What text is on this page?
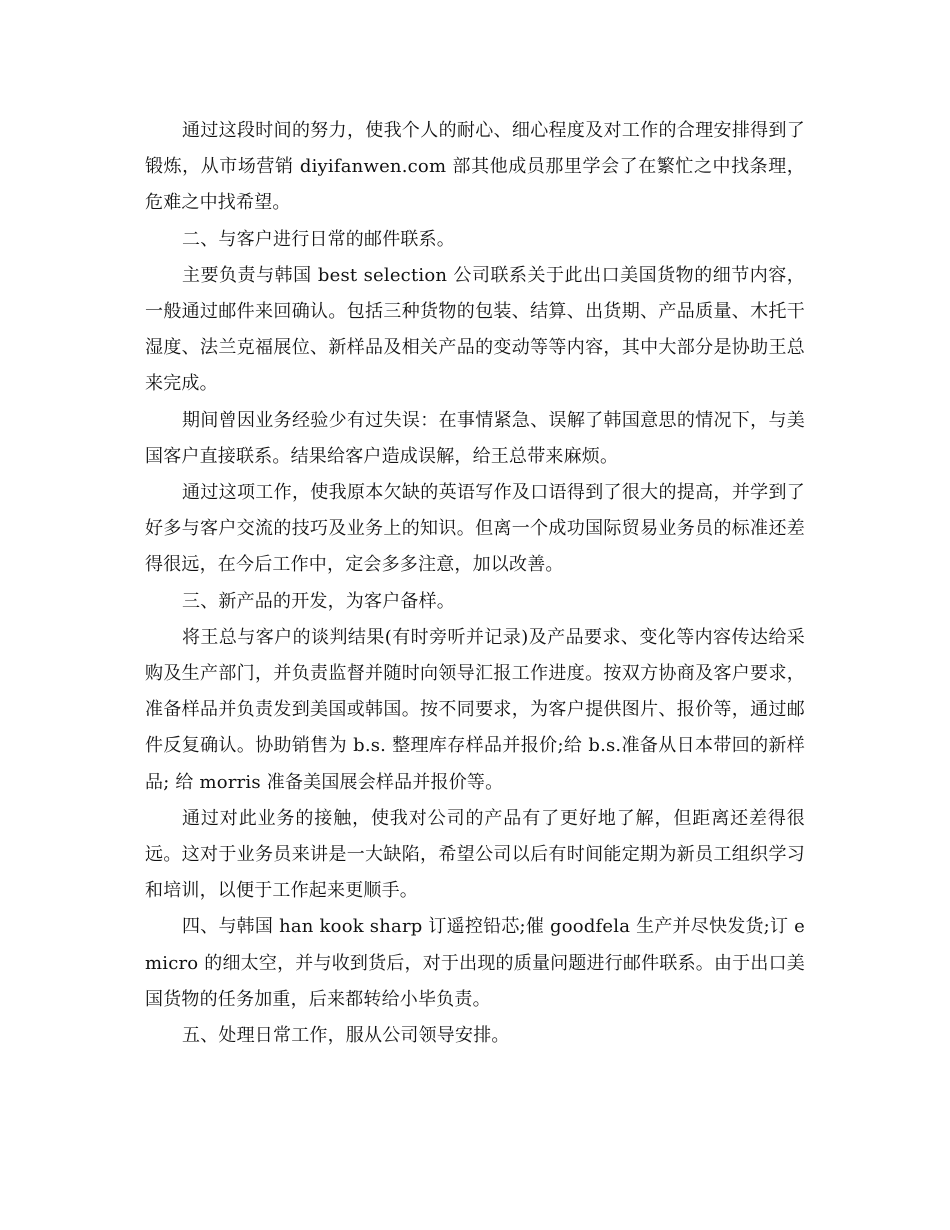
通过这段时间的努力，使我个人的耐心、细心程度及对工作的合理安排得到了锻炼，从市场营销 diyifanwen.com 部其他成员那里学会了在繁忙之中找条理，危难之中找希望。

二、与客户进行日常的邮件联系。

主要负责与韩国 best selection 公司联系关于此出口美国货物的细节内容，一般通过邮件来回确认。包括三种货物的包装、结算、出货期、产品质量、木托干湿度、法兰克福展位、新样品及相关产品的变动等等内容，其中大部分是协助王总来完成。

期间曾因业务经验少有过失误：在事情紧急、误解了韩国意思的情况下，与美国客户直接联系。结果给客户造成误解，给王总带来麻烦。

通过这项工作，使我原本欠缺的英语写作及口语得到了很大的提高，并学到了好多与客户交流的技巧及业务上的知识。但离一个成功国际贸易业务员的标准还差得很远，在今后工作中，定会多多注意，加以改善。

三、新产品的开发，为客户备样。

将王总与客户的谈判结果(有时旁听并记录)及产品要求、变化等内容传达给采购及生产部门，并负责监督并随时向领导汇报工作进度。按双方协商及客户要求，准备样品并负责发到美国或韩国。按不同要求，为客户提供图片、报价等，通过邮件反复确认。协助销售为 b.s. 整理库存样品并报价;给 b.s.准备从日本带回的新样品; 给 morris 准备美国展会样品并报价等。

通过对此业务的接触，使我对公司的产品有了更好地了解，但距离还差得很远。这对于业务员来讲是一大缺陷，希望公司以后有时间能定期为新员工组织学习和培训，以便于工作起来更顺手。

四、与韩国 han kook sharp 订遥控铅芯;催 goodfela 生产并尽快发货;订 emicro 的细太空，并与收到货后，对于出现的质量问题进行邮件联系。由于出口美国货物的任务加重，后来都转给小毕负责。

五、处理日常工作，服从公司领导安排。
